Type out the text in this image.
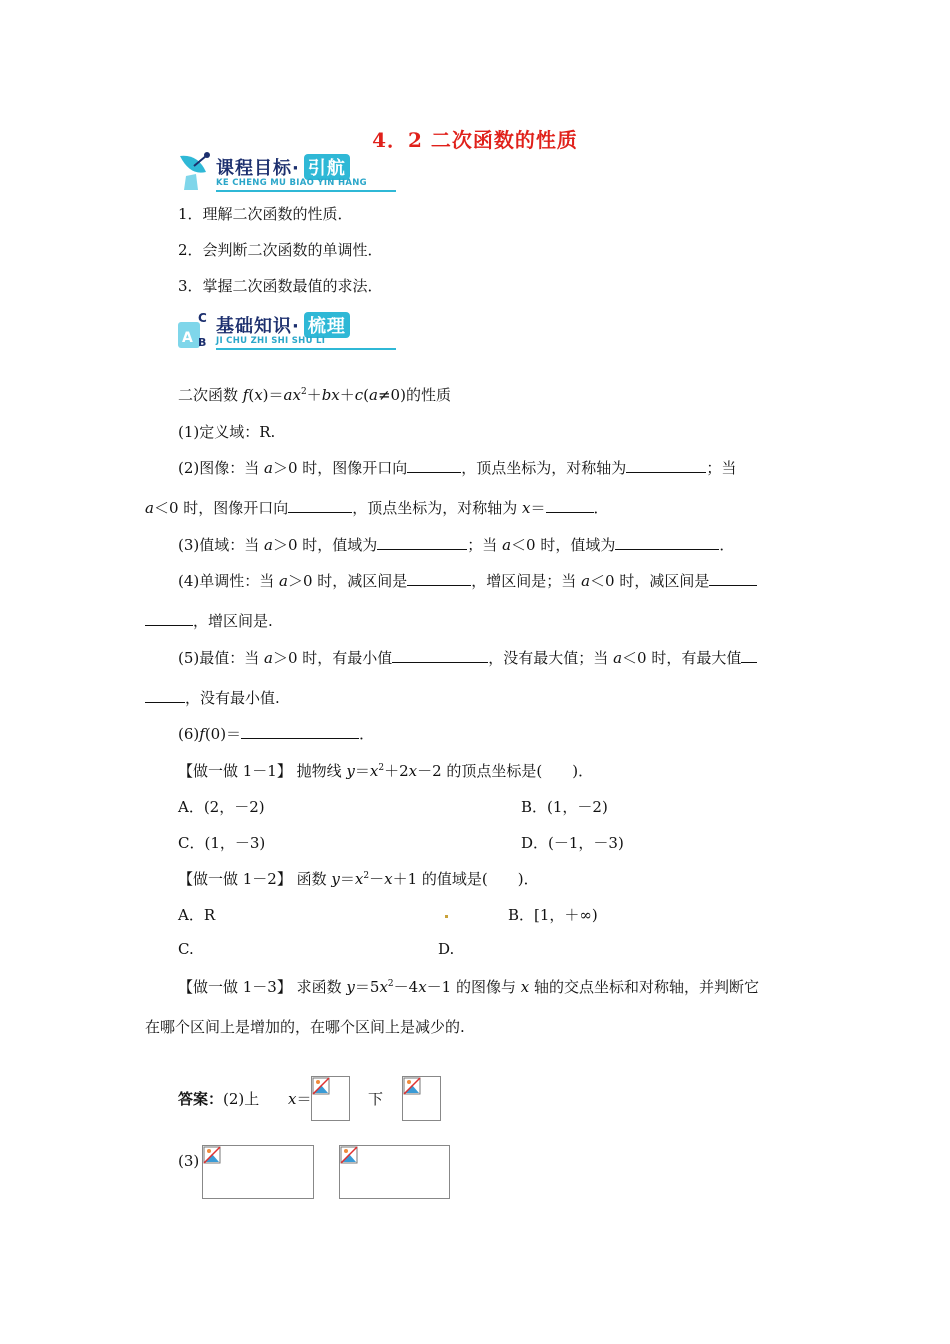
4．2 二次函数的性质
课程目标· 引航
KE CHENG MU BIAO YIN HANG
1．理解二次函数的性质．
2．会判断二次函数的单调性．
3．掌握二次函数最值的求法．
A
C
B
基础知识· 梳理
JI CHU ZHI SHI SHU LI
二次函数 $f(x)=ax^2+bx+c(a\ne 0)$的性质
(1)定义域：R.
(2)图像：当 a＞0 时，图像开口向	，顶点坐标为，对称轴为	；当
a＜0 时，图像开口向	，顶点坐标为，对称轴为 x＝	．
(3)值域：当 a＞0 时，值域为	；当 a＜0 时，值域为	．
(4)单调性：当 a＞0 时，减区间是	，增区间是；当 a＜0 时，减区间是
，增区间是.
(5)最值：当 a＞0 时，有最小值	，没有最大值；当 a＜0 时，有最大值
，没有最小值.
(6)f(0)＝	．
【做一做 1－1】 抛物线 $y=x^2+2x-2$ 的顶点坐标是(　　)．
A．(2，－2)	B．(1，－2)
C．(1，－3)	D．(－1，－3)
【做一做 1－2】 函数 $y=x^2-x+1$ 的值域是(　　)．
A．R	B．[1，＋∞)
C.	D.
【做一做 1－3】 求函数 $y=5x^2-4x-1$ 的图像与 x 轴的交点坐标和对称轴，并判断它
在哪个区间上是增加的，在哪个区间上是减少的.
答案：(2)上 x＝	下
(3)
